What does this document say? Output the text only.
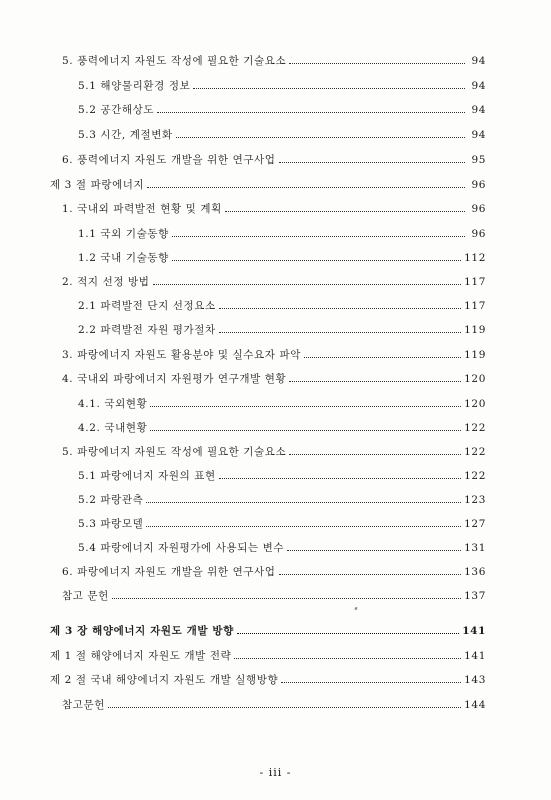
5. 풍력에너지 자원도 작성에 필요한 기술요소	94
5.1 해양물리환경 정보	94
5.2 공간해상도	94
5.3 시간, 계절변화	94
6. 풍력에너지 자원도 개발을 위한 연구사업	95
제 3 절 파랑에너지	96
1. 국내외 파력발전 현황 및 계획	96
1.1 국외 기술동향	96
1.2 국내 기술동향	112
2. 적지 선정 방법	117
2.1 파력발전 단지 선정요소	117
2.2 파력발전 자원 평가절차	119
3. 파랑에너지 자원도 활용분야 및 실수요자 파악	119
4. 국내외 파랑에너지 자원평가 연구개발 현황	120
4.1. 국외현황	120
4.2. 국내현황	122
5. 파랑에너지 자원도 작성에 필요한 기술요소	122
5.1 파랑에너지 자원의 표현	122
5.2 파랑관측	123
5.3 파랑모델	127
5.4 파랑에너지 자원평가에 사용되는 변수	131
6. 파랑에너지 자원도 개발을 위한 연구사업	136
참고 문헌	137
제 3 장 해양에너지 자원도 개발 방향	141
제 1 절 해양에너지 자원도 개발 전략	141
제 2 절 국내 해양에너지 자원도 개발 실행방향	143
참고문헌	144
- iii -
